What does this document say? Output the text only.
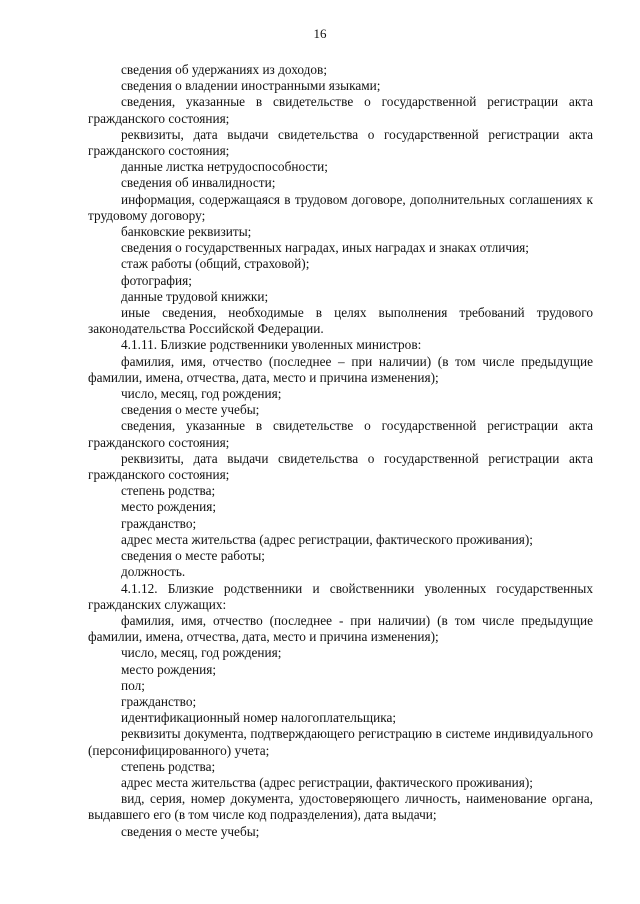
16

сведения об удержаниях из доходов;

сведения о владении иностранными языками;

сведения, указанные в свидетельстве о государственной регистрации акта гражданского состояния;

реквизиты, дата выдачи свидетельства о государственной регистрации акта гражданского состояния;

данные листка нетрудоспособности;

сведения об инвалидности;

информация, содержащаяся в трудовом договоре, дополнительных соглашениях к трудовому договору;

банковские реквизиты;

сведения о государственных наградах, иных наградах и знаках отличия;

стаж работы (общий, страховой);

фотография;

данные трудовой книжки;

иные сведения, необходимые в целях выполнения требований трудового законодательства Российской Федерации.

4.1.11. Близкие родственники уволенных министров:

фамилия, имя, отчество (последнее – при наличии) (в том числе предыдущие фамилии, имена, отчества, дата, место и причина изменения);

число, месяц, год рождения;

сведения о месте учебы;

сведения, указанные в свидетельстве о государственной регистрации акта гражданского состояния;

реквизиты, дата выдачи свидетельства о государственной регистрации акта гражданского состояния;

степень родства;

место рождения;

гражданство;

адрес места жительства (адрес регистрации, фактического проживания);

сведения о месте работы;

должность.

4.1.12. Близкие родственники и свойственники уволенных государственных гражданских служащих:

фамилия, имя, отчество (последнее - при наличии) (в том числе предыдущие фамилии, имена, отчества, дата, место и причина изменения);

число, месяц, год рождения;

место рождения;

пол;

гражданство;

идентификационный номер налогоплательщика;

реквизиты документа, подтверждающего регистрацию в системе индивидуального (персонифицированного) учета;

степень родства;

адрес места жительства (адрес регистрации, фактического проживания);

вид, серия, номер документа, удостоверяющего личность, наименование органа, выдавшего его (в том числе код подразделения), дата выдачи;

сведения о месте учебы;
